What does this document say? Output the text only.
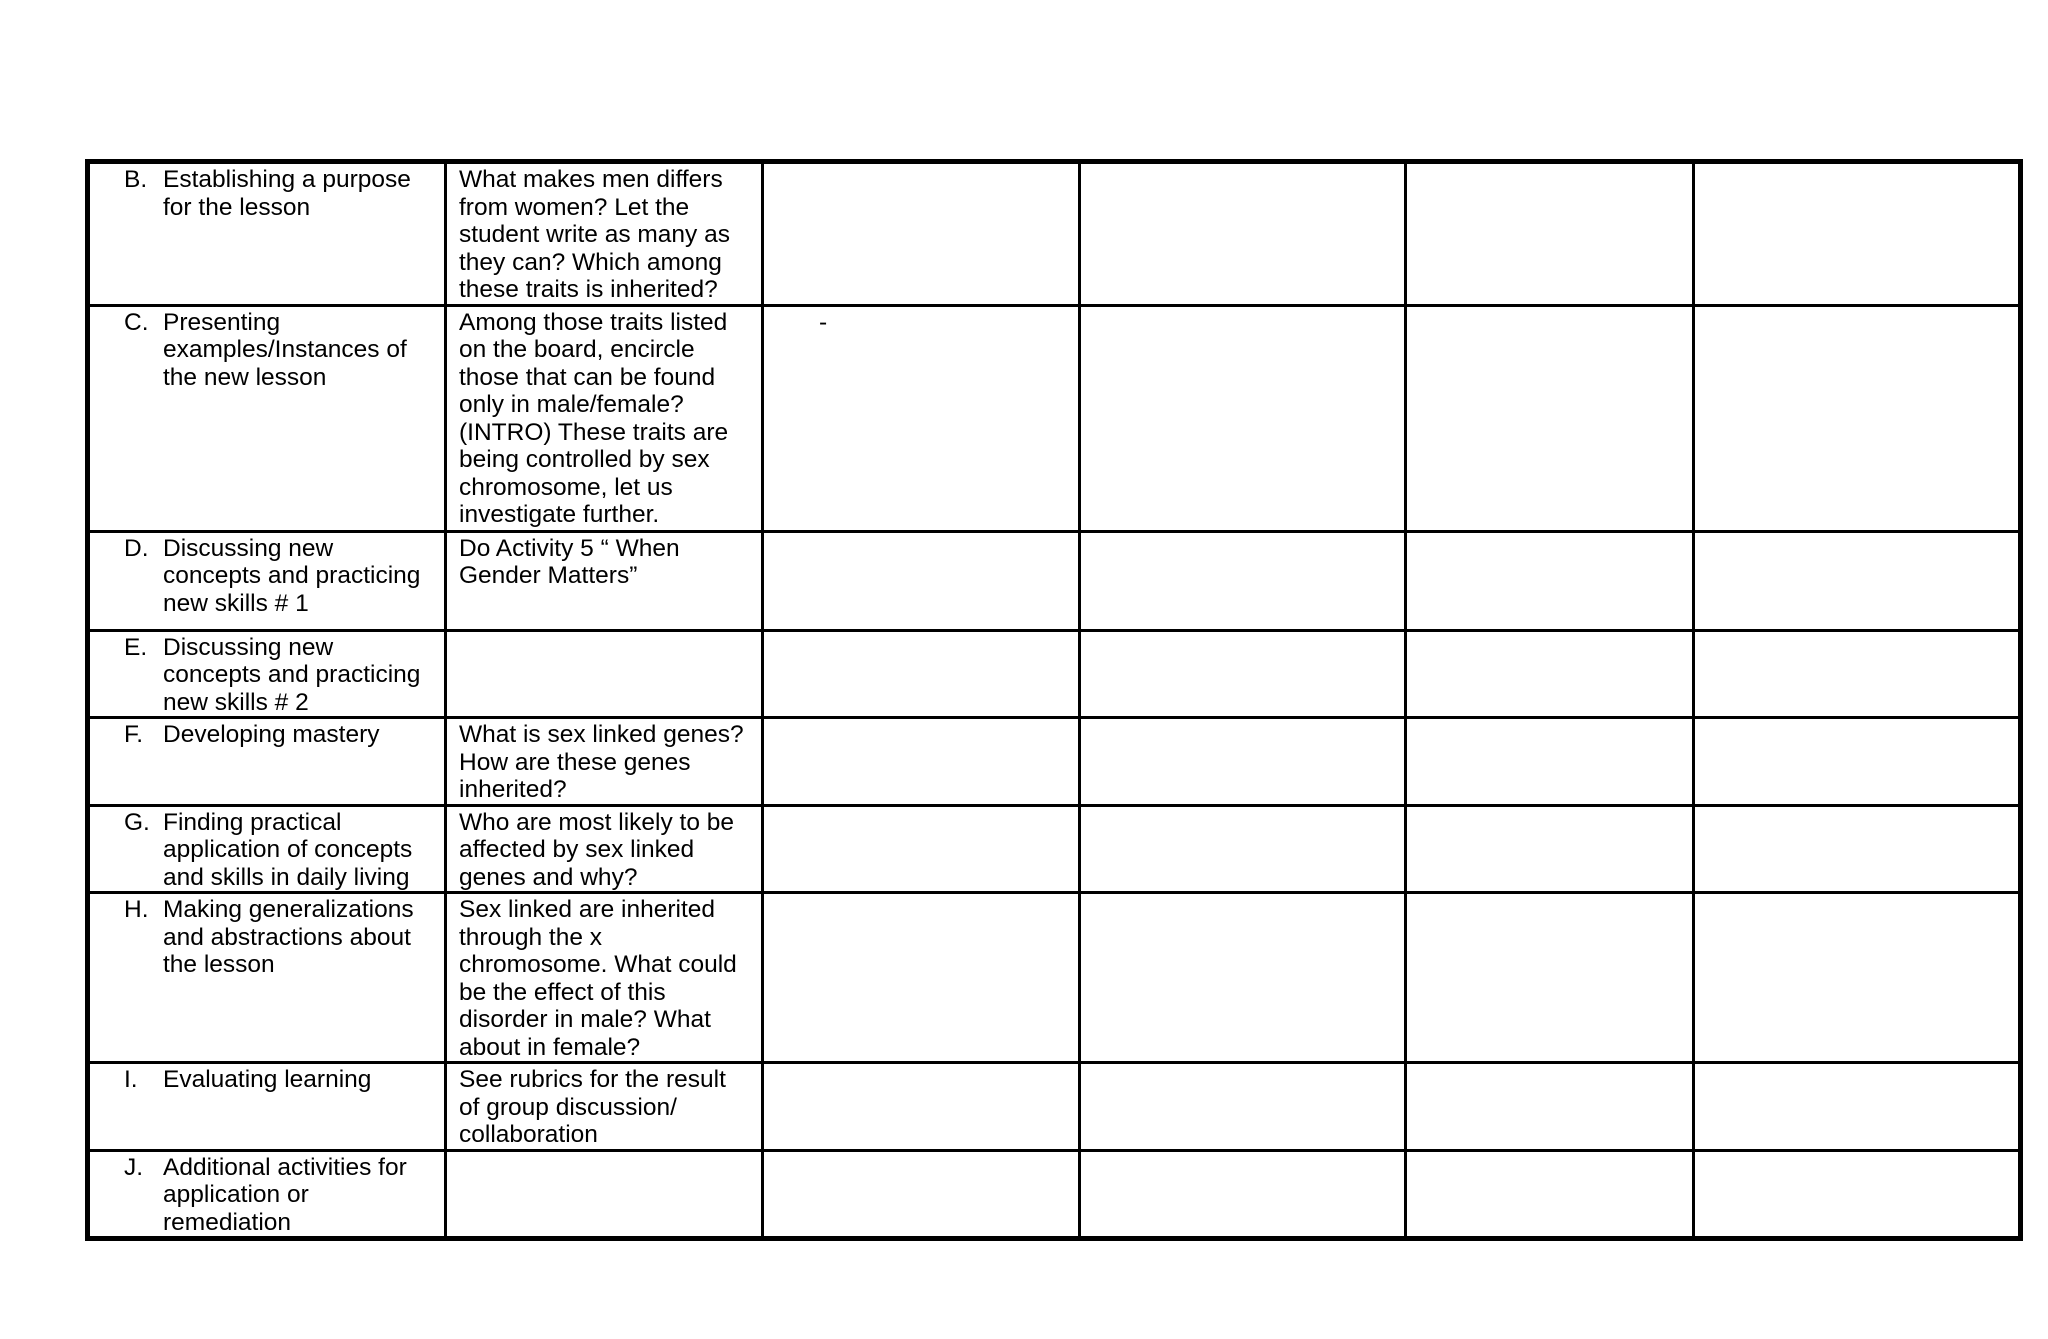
B. Establishing a purpose for the lesson	What makes men differs from women? Let the student write as many as they can? Which among these traits is inherited?				

C. Presenting examples/Instances of the new lesson	Among those traits listed on the board, encircle those that can be found only in male/female? (INTRO) These traits are being controlled by sex chromosome, let us investigate further.	-			

D. Discussing new concepts and practicing new skills # 1	Do Activity 5 “ When Gender Matters”				

E. Discussing new concepts and practicing new skills # 2					

F. Developing mastery	What is sex linked genes? How are these genes inherited?				

G. Finding practical application of concepts and skills in daily living	Who are most likely to be affected by sex linked genes and why?				

H. Making generalizations and abstractions about the lesson	Sex linked are inherited through the x chromosome. What could be the effect of this disorder in male? What about in female?				

I. Evaluating learning	See rubrics for the result of group discussion/ collaboration				

J. Additional activities for application or remediation					
